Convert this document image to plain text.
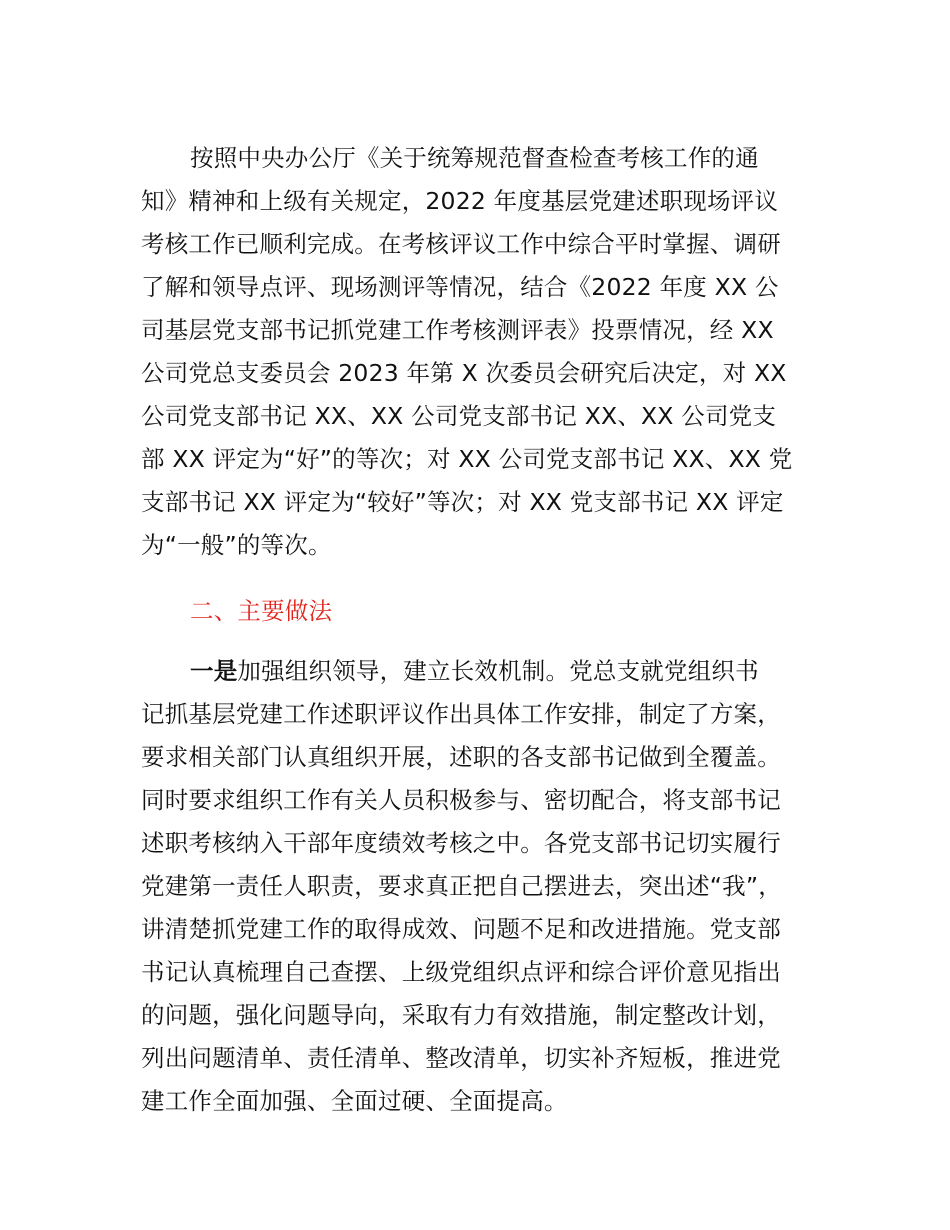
按照中央办公厅《关于统筹规范督查检查考核工作的通
知》精神和上级有关规定，2022 年度基层党建述职现场评议
考核工作已顺利完成。在考核评议工作中综合平时掌握、调研
了解和领导点评、现场测评等情况，结合《2022 年度 XX 公
司基层党支部书记抓党建工作考核测评表》投票情况，经 XX
公司党总支委员会 2023 年第 X 次委员会研究后决定，对 XX
公司党支部书记 XX、XX 公司党支部书记 XX、XX 公司党支
部 XX 评定为“好”的等次；对 XX 公司党支部书记 XX、XX 党
支部书记 XX 评定为“较好”等次；对 XX 党支部书记 XX 评定
为“一般”的等次。
二、主要做法
一是加强组织领导，建立长效机制。党总支就党组织书
记抓基层党建工作述职评议作出具体工作安排，制定了方案，
要求相关部门认真组织开展，述职的各支部书记做到全覆盖。
同时要求组织工作有关人员积极参与、密切配合，将支部书记
述职考核纳入干部年度绩效考核之中。各党支部书记切实履行
党建第一责任人职责，要求真正把自己摆进去，突出述“我”，
讲清楚抓党建工作的取得成效、问题不足和改进措施。党支部
书记认真梳理自己查摆、上级党组织点评和综合评价意见指出
的问题，强化问题导向，采取有力有效措施，制定整改计划，
列出问题清单、责任清单、整改清单，切实补齐短板，推进党
建工作全面加强、全面过硬、全面提高。
